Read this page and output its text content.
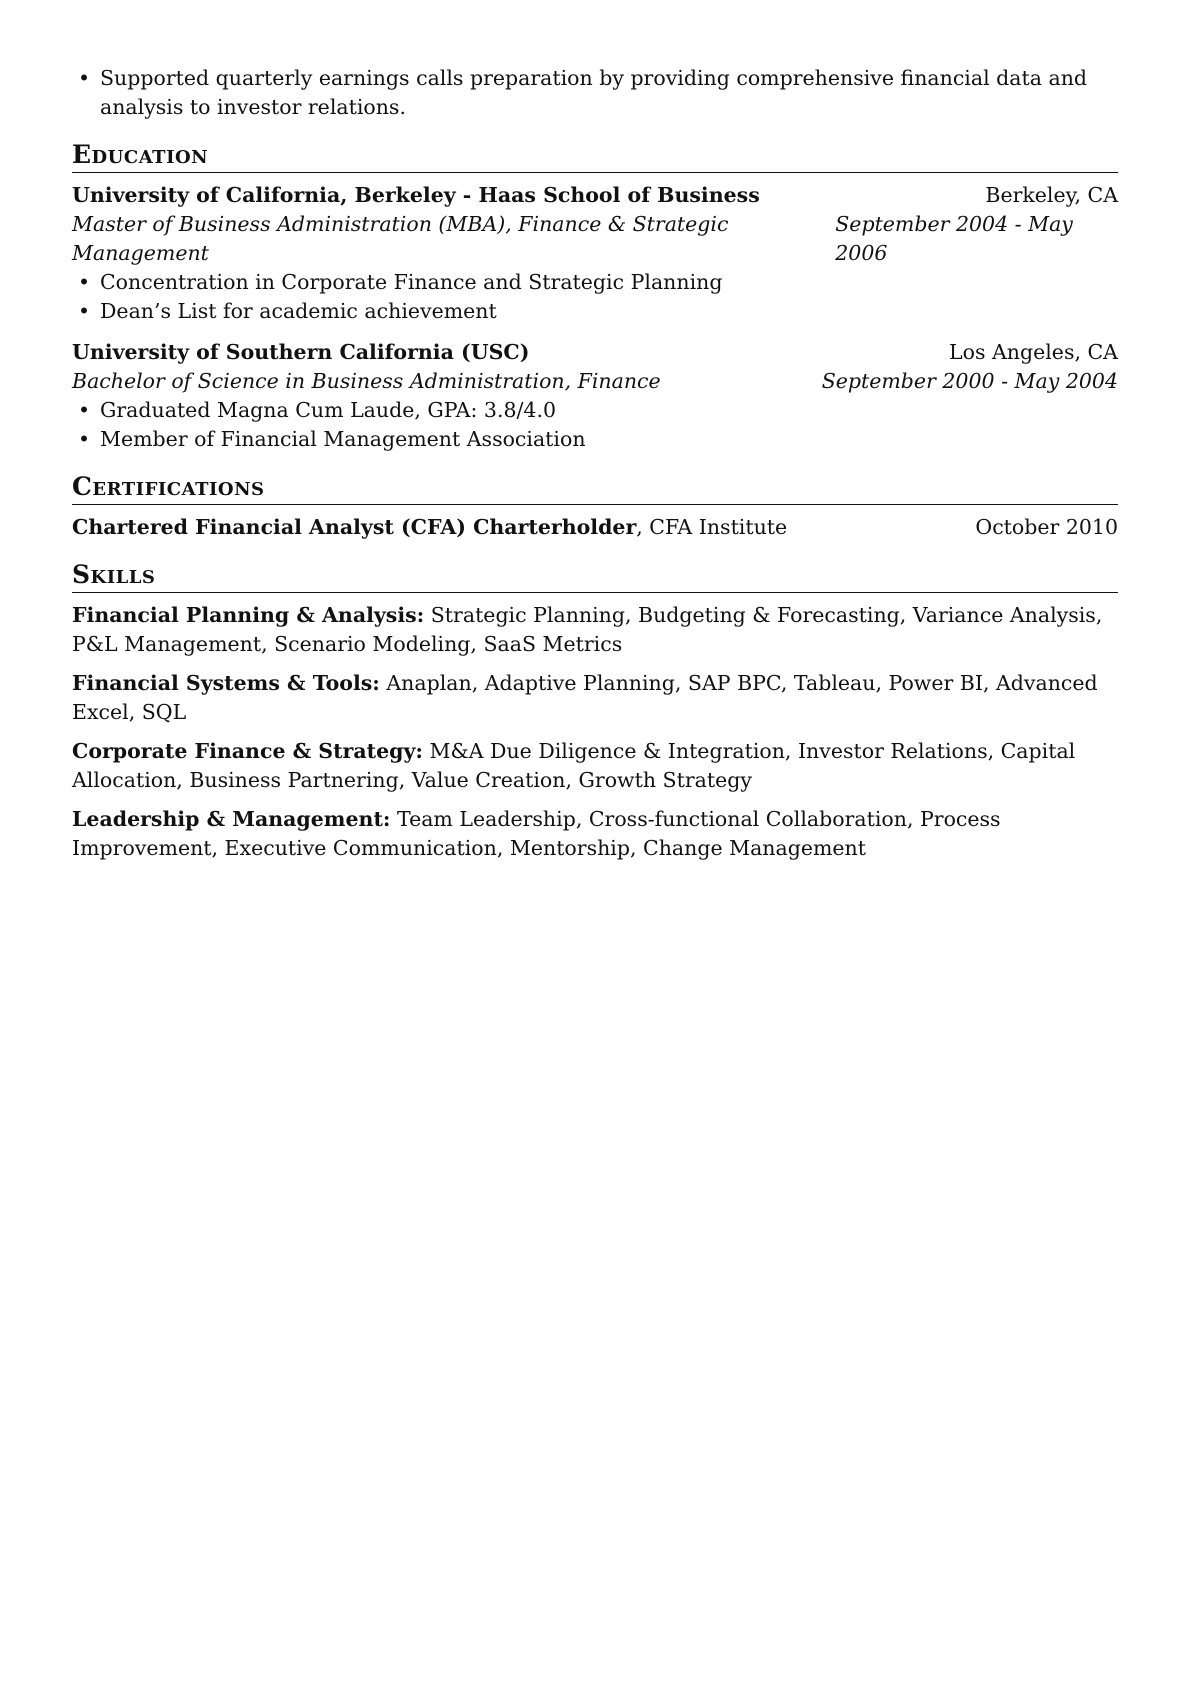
• Supported quarterly earnings calls preparation by providing comprehensive financial data and analysis to investor relations.
Education
University of California, Berkeley - Haas School of Business	Berkeley, CA
Master of Business Administration (MBA), Finance & Strategic Management
September 2004 - May 2006
• Concentration in Corporate Finance and Strategic Planning
• Dean’s List for academic achievement
University of Southern California (USC)	Los Angeles, CA
Bachelor of Science in Business Administration, Finance	September 2000 - May 2004
• Graduated Magna Cum Laude, GPA: 3.8/4.0
• Member of Financial Management Association
Certifications
Chartered Financial Analyst (CFA) Charterholder, CFA Institute	October 2010
Skills
Financial Planning & Analysis: Strategic Planning, Budgeting & Forecasting, Variance Analysis, P&L Management, Scenario Modeling, SaaS Metrics
Financial Systems & Tools: Anaplan, Adaptive Planning, SAP BPC, Tableau, Power BI, Advanced Excel, SQL
Corporate Finance & Strategy: M&A Due Diligence & Integration, Investor Relations, Capital Allocation, Business Partnering, Value Creation, Growth Strategy
Leadership & Management: Team Leadership, Cross-functional Collaboration, Process Improvement, Executive Communication, Mentorship, Change Management
